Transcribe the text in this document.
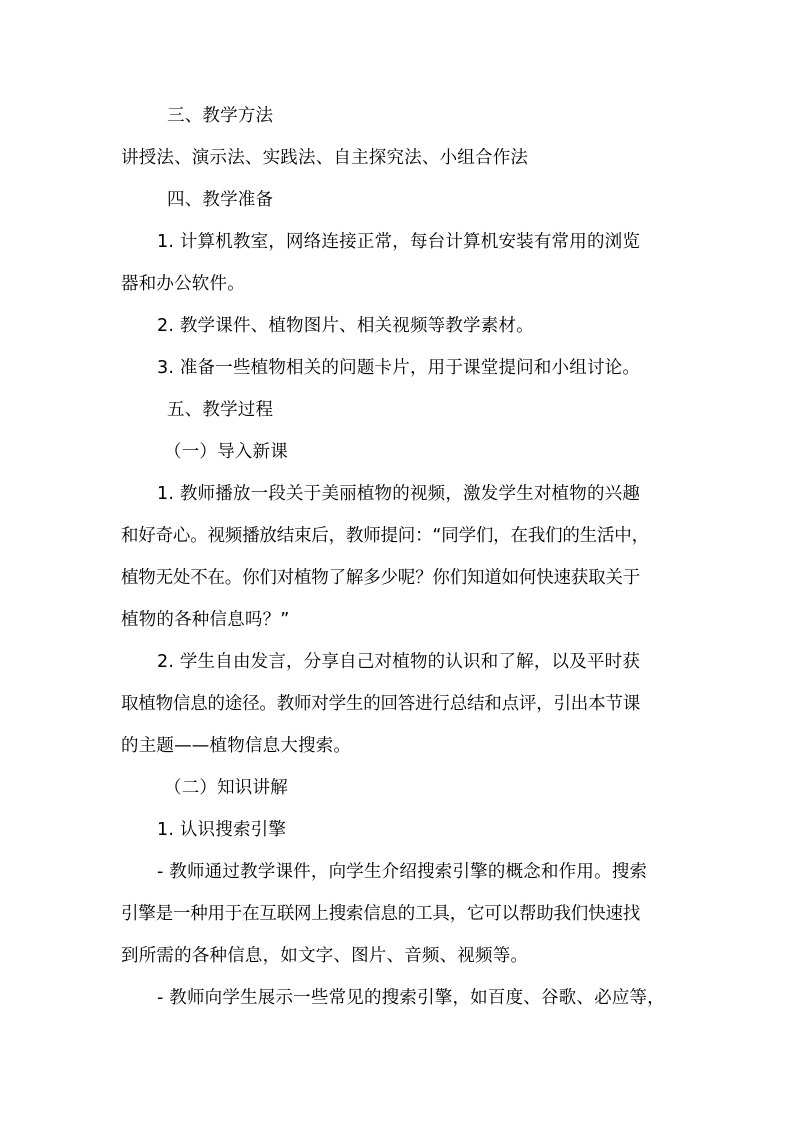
三、教学方法

讲授法、演示法、实践法、自主探究法、小组合作法

四、教学准备

1. 计算机教室，网络连接正常，每台计算机安装有常用的浏览

器和办公软件。

2. 教学课件、植物图片、相关视频等教学素材。

3. 准备一些植物相关的问题卡片，用于课堂提问和小组讨论。

五、教学过程

（一）导入新课

1. 教师播放一段关于美丽植物的视频，激发学生对植物的兴趣

和好奇心。视频播放结束后，教师提问：“同学们，在我们的生活中，

植物无处不在。你们对植物了解多少呢？你们知道如何快速获取关于

植物的各种信息吗？”

2. 学生自由发言，分享自己对植物的认识和了解，以及平时获

取植物信息的途径。教师对学生的回答进行总结和点评，引出本节课

的主题——植物信息大搜索。

（二）知识讲解

1. 认识搜索引擎

- 教师通过教学课件，向学生介绍搜索引擎的概念和作用。搜索

引擎是一种用于在互联网上搜索信息的工具，它可以帮助我们快速找

到所需的各种信息，如文字、图片、音频、视频等。

- 教师向学生展示一些常见的搜索引擎，如百度、谷歌、必应等，
